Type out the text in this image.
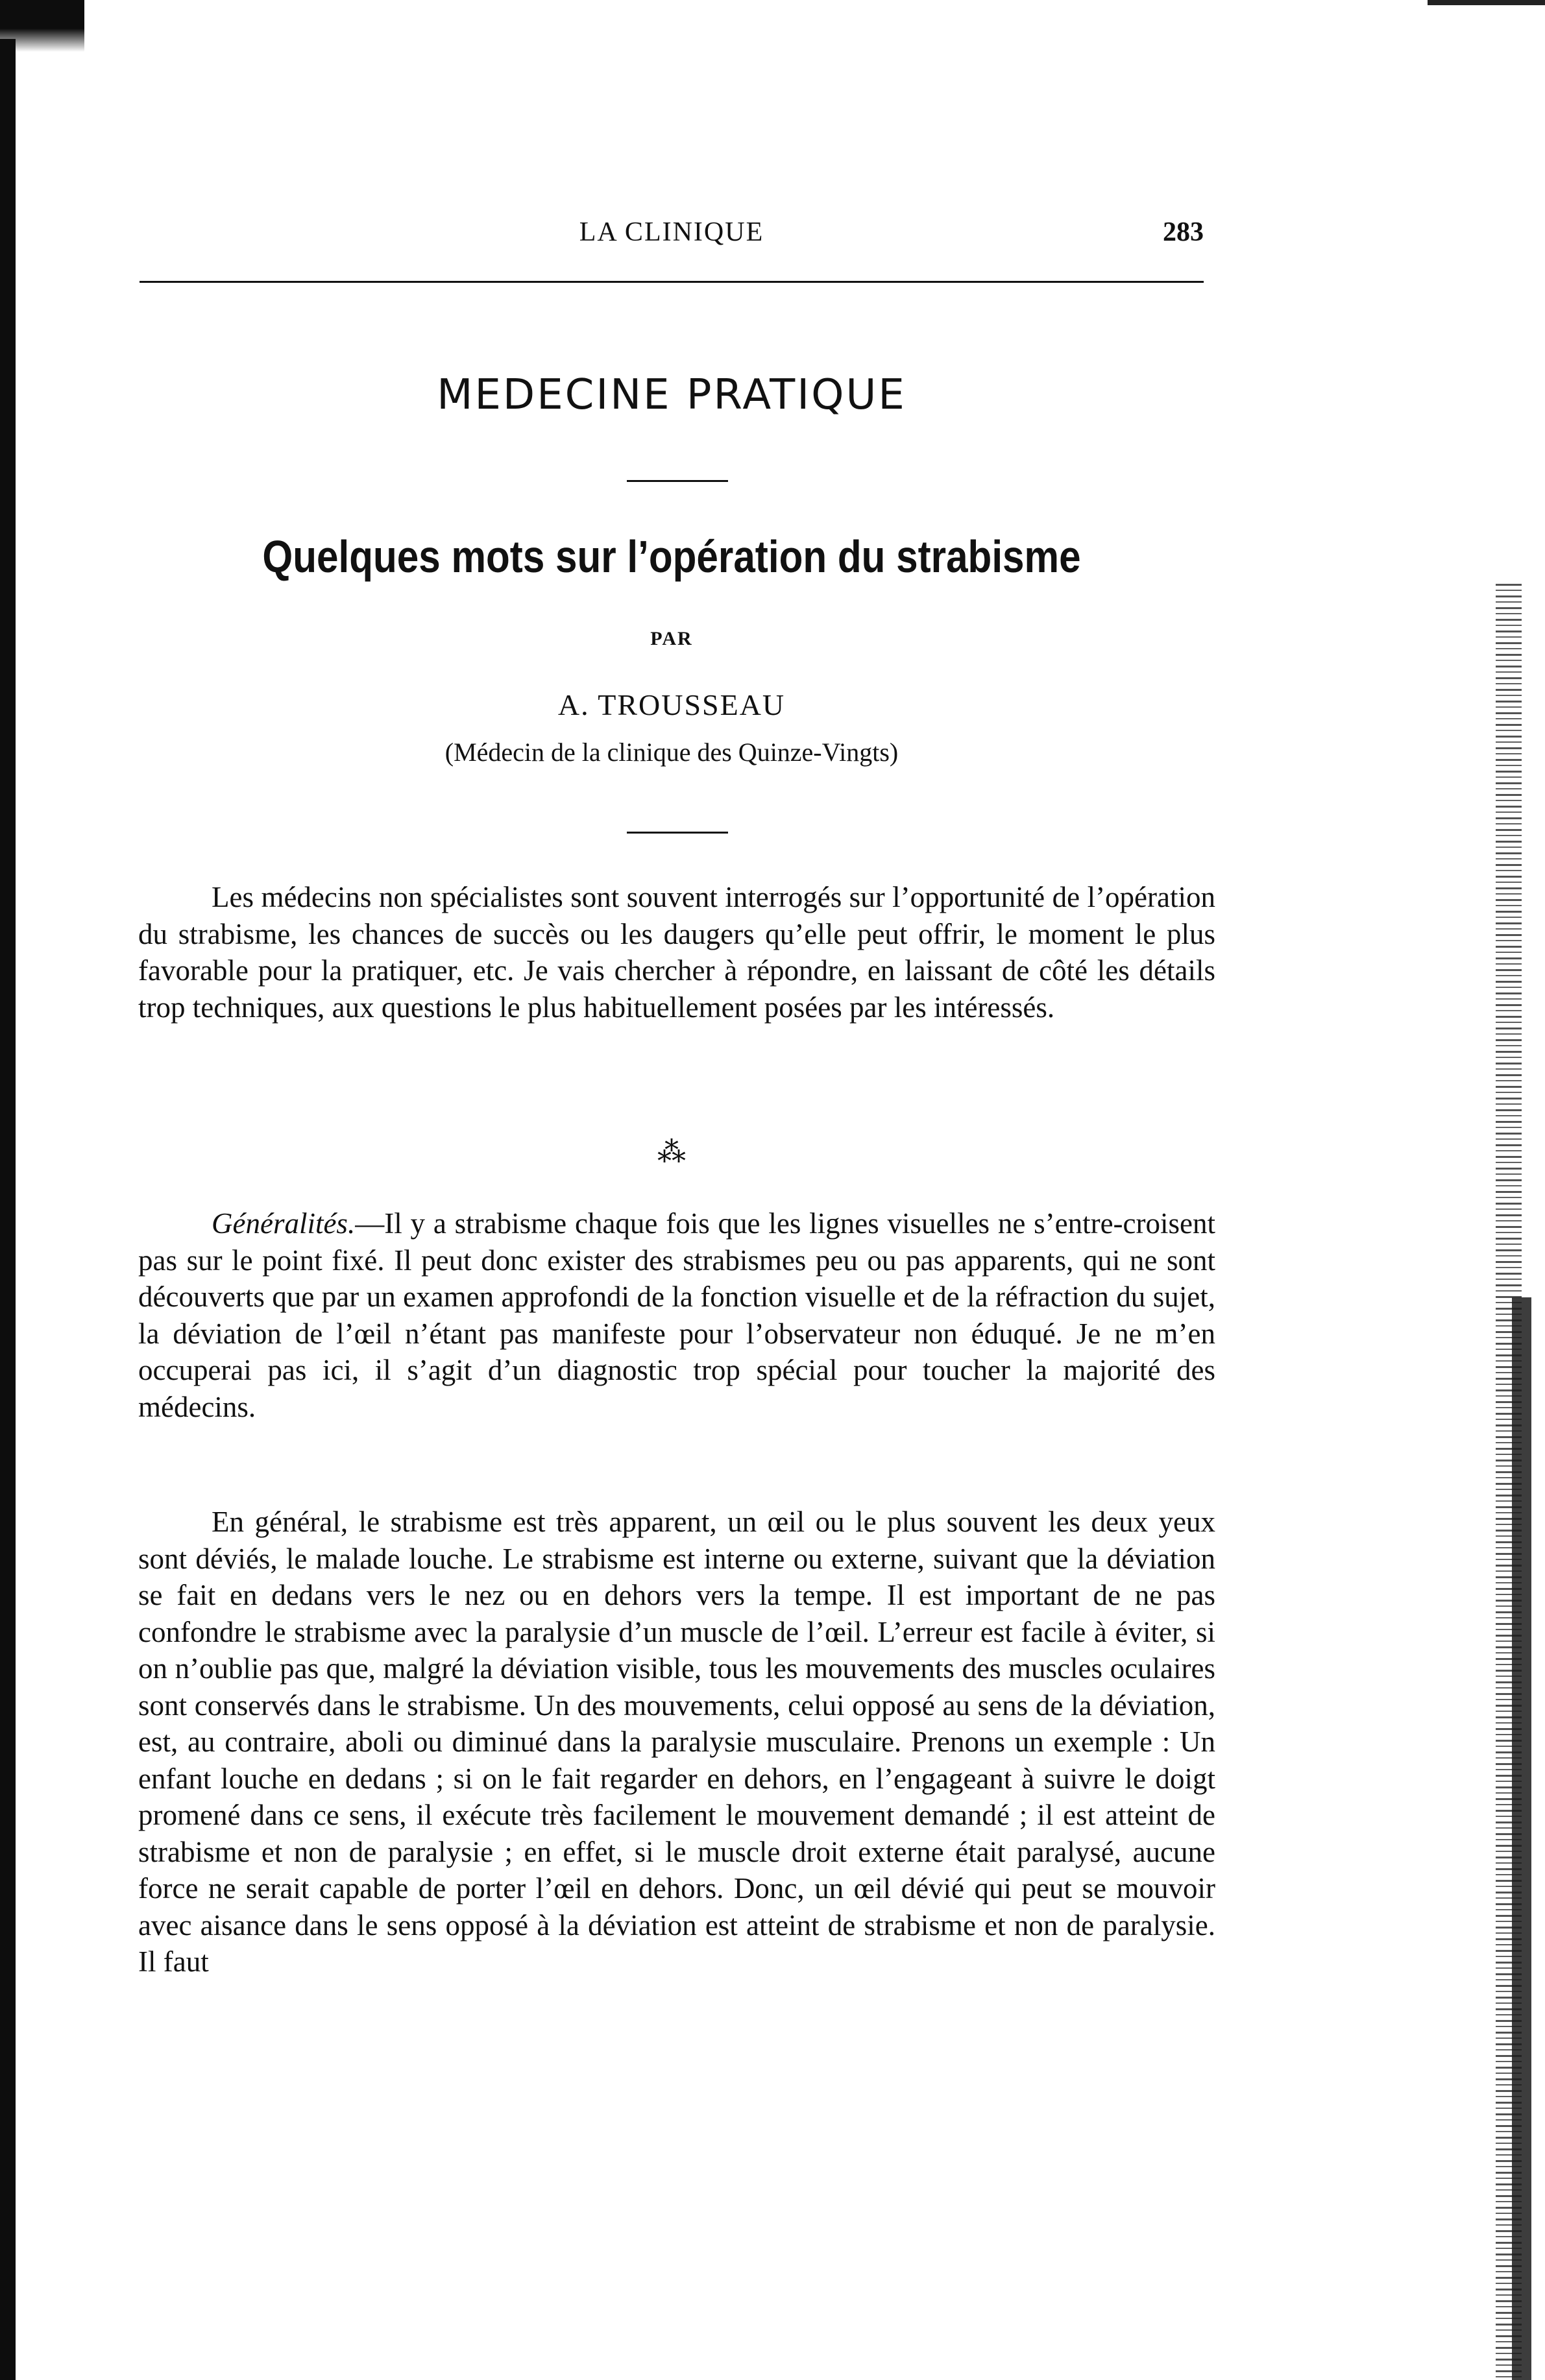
LA CLINIQUE	283
MEDECINE PRATIQUE
Quelques mots sur l’opération du strabisme
PAR
A. TROUSSEAU
(Médecin de la clinique des Quinze-Vingts)

Les médecins non spécialistes sont souvent interrogés sur l’opportunité de l’opération du strabisme, les chances de succès ou les daugers qu’elle peut offrir, le moment le plus favorable pour la pratiquer, etc. Je vais chercher à répondre, en laissant de côté les détails trop techniques, aux questions le plus habituellement posées par les intéressés.

⁂

Généralités.—Il y a strabisme chaque fois que les lignes visuelles ne s’entre-croisent pas sur le point fixé. Il peut donc exister des strabismes peu ou pas apparents, qui ne sont découverts que par un examen approfondi de la fonction visuelle et de la réfraction du sujet, la déviation de l’œil n’étant pas manifeste pour l’observateur non éduqué. Je ne m’en occuperai pas ici, il s’agit d’un diagnostic trop spécial pour toucher la majorité des médecins.

En général, le strabisme est très apparent, un œil ou le plus souvent les deux yeux sont déviés, le malade louche. Le strabisme est interne ou externe, suivant que la déviation se fait en dedans vers le nez ou en dehors vers la tempe. Il est important de ne pas confondre le strabisme avec la paralysie d’un muscle de l’œil. L’erreur est facile à éviter, si on n’oublie pas que, malgré la déviation visible, tous les mouvements des muscles oculaires sont conservés dans le strabisme. Un des mouvements, celui opposé au sens de la déviation, est, au contraire, aboli ou diminué dans la paralysie musculaire. Prenons un exemple : Un enfant louche en dedans ; si on le fait regarder en dehors, en l’engageant à suivre le doigt promené dans ce sens, il exécute très facilement le mouvement demandé ; il est atteint de strabisme et non de paralysie ; en effet, si le muscle droit externe était paralysé, aucune force ne serait capable de porter l’œil en dehors. Donc, un œil dévié qui peut se mouvoir avec aisance dans le sens opposé à la déviation est atteint de strabisme et non de paralysie. Il faut
